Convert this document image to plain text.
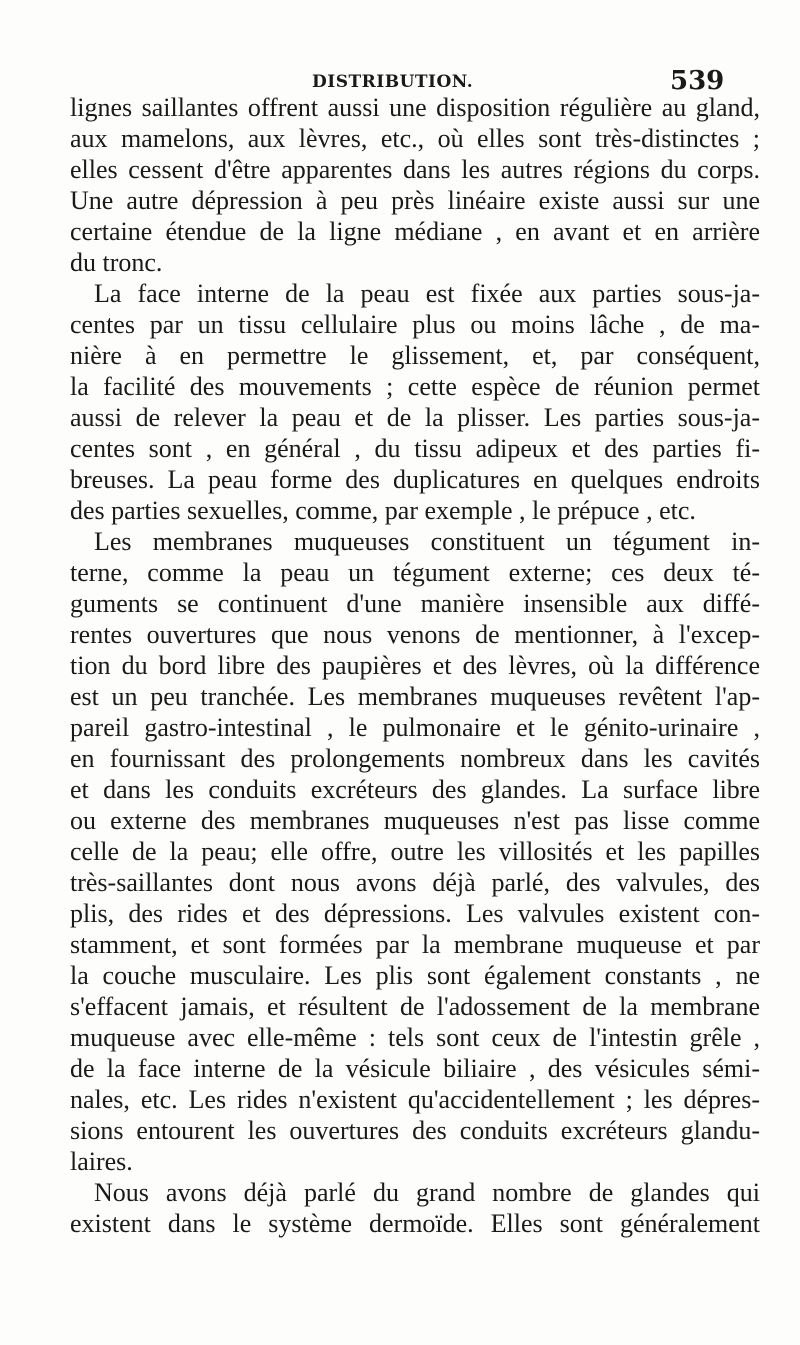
DISTRIBUTION.	539
lignes saillantes offrent aussi une disposition régulière au gland,
aux mamelons, aux lèvres, etc., où elles sont très-distinctes ;
elles cessent d'être apparentes dans les autres régions du corps.
Une autre dépression à peu près linéaire existe aussi sur une
certaine étendue de la ligne médiane , en avant et en arrière
du tronc.
La face interne de la peau est fixée aux parties sous-ja-
centes par un tissu cellulaire plus ou moins lâche , de ma-
nière à en permettre le glissement, et, par conséquent,
la facilité des mouvements ; cette espèce de réunion permet
aussi de relever la peau et de la plisser. Les parties sous-ja-
centes sont , en général , du tissu adipeux et des parties fi-
breuses. La peau forme des duplicatures en quelques endroits
des parties sexuelles, comme, par exemple , le prépuce , etc.
Les membranes muqueuses constituent un tégument in-
terne, comme la peau un tégument externe; ces deux té-
guments se continuent d'une manière insensible aux diffé-
rentes ouvertures que nous venons de mentionner, à l'excep-
tion du bord libre des paupières et des lèvres, où la différence
est un peu tranchée. Les membranes muqueuses revêtent l'ap-
pareil gastro-intestinal , le pulmonaire et le génito-urinaire ,
en fournissant des prolongements nombreux dans les cavités
et dans les conduits excréteurs des glandes. La surface libre
ou externe des membranes muqueuses n'est pas lisse comme
celle de la peau; elle offre, outre les villosités et les papilles
très-saillantes dont nous avons déjà parlé, des valvules, des
plis, des rides et des dépressions. Les valvules existent con-
stamment, et sont formées par la membrane muqueuse et par
la couche musculaire. Les plis sont également constants , ne
s'effacent jamais, et résultent de l'adossement de la membrane
muqueuse avec elle-même : tels sont ceux de l'intestin grêle ,
de la face interne de la vésicule biliaire , des vésicules sémi-
nales, etc. Les rides n'existent qu'accidentellement ; les dépres-
sions entourent les ouvertures des conduits excréteurs glandu-
laires.
Nous avons déjà parlé du grand nombre de glandes qui
existent dans le système dermoïde. Elles sont généralement
